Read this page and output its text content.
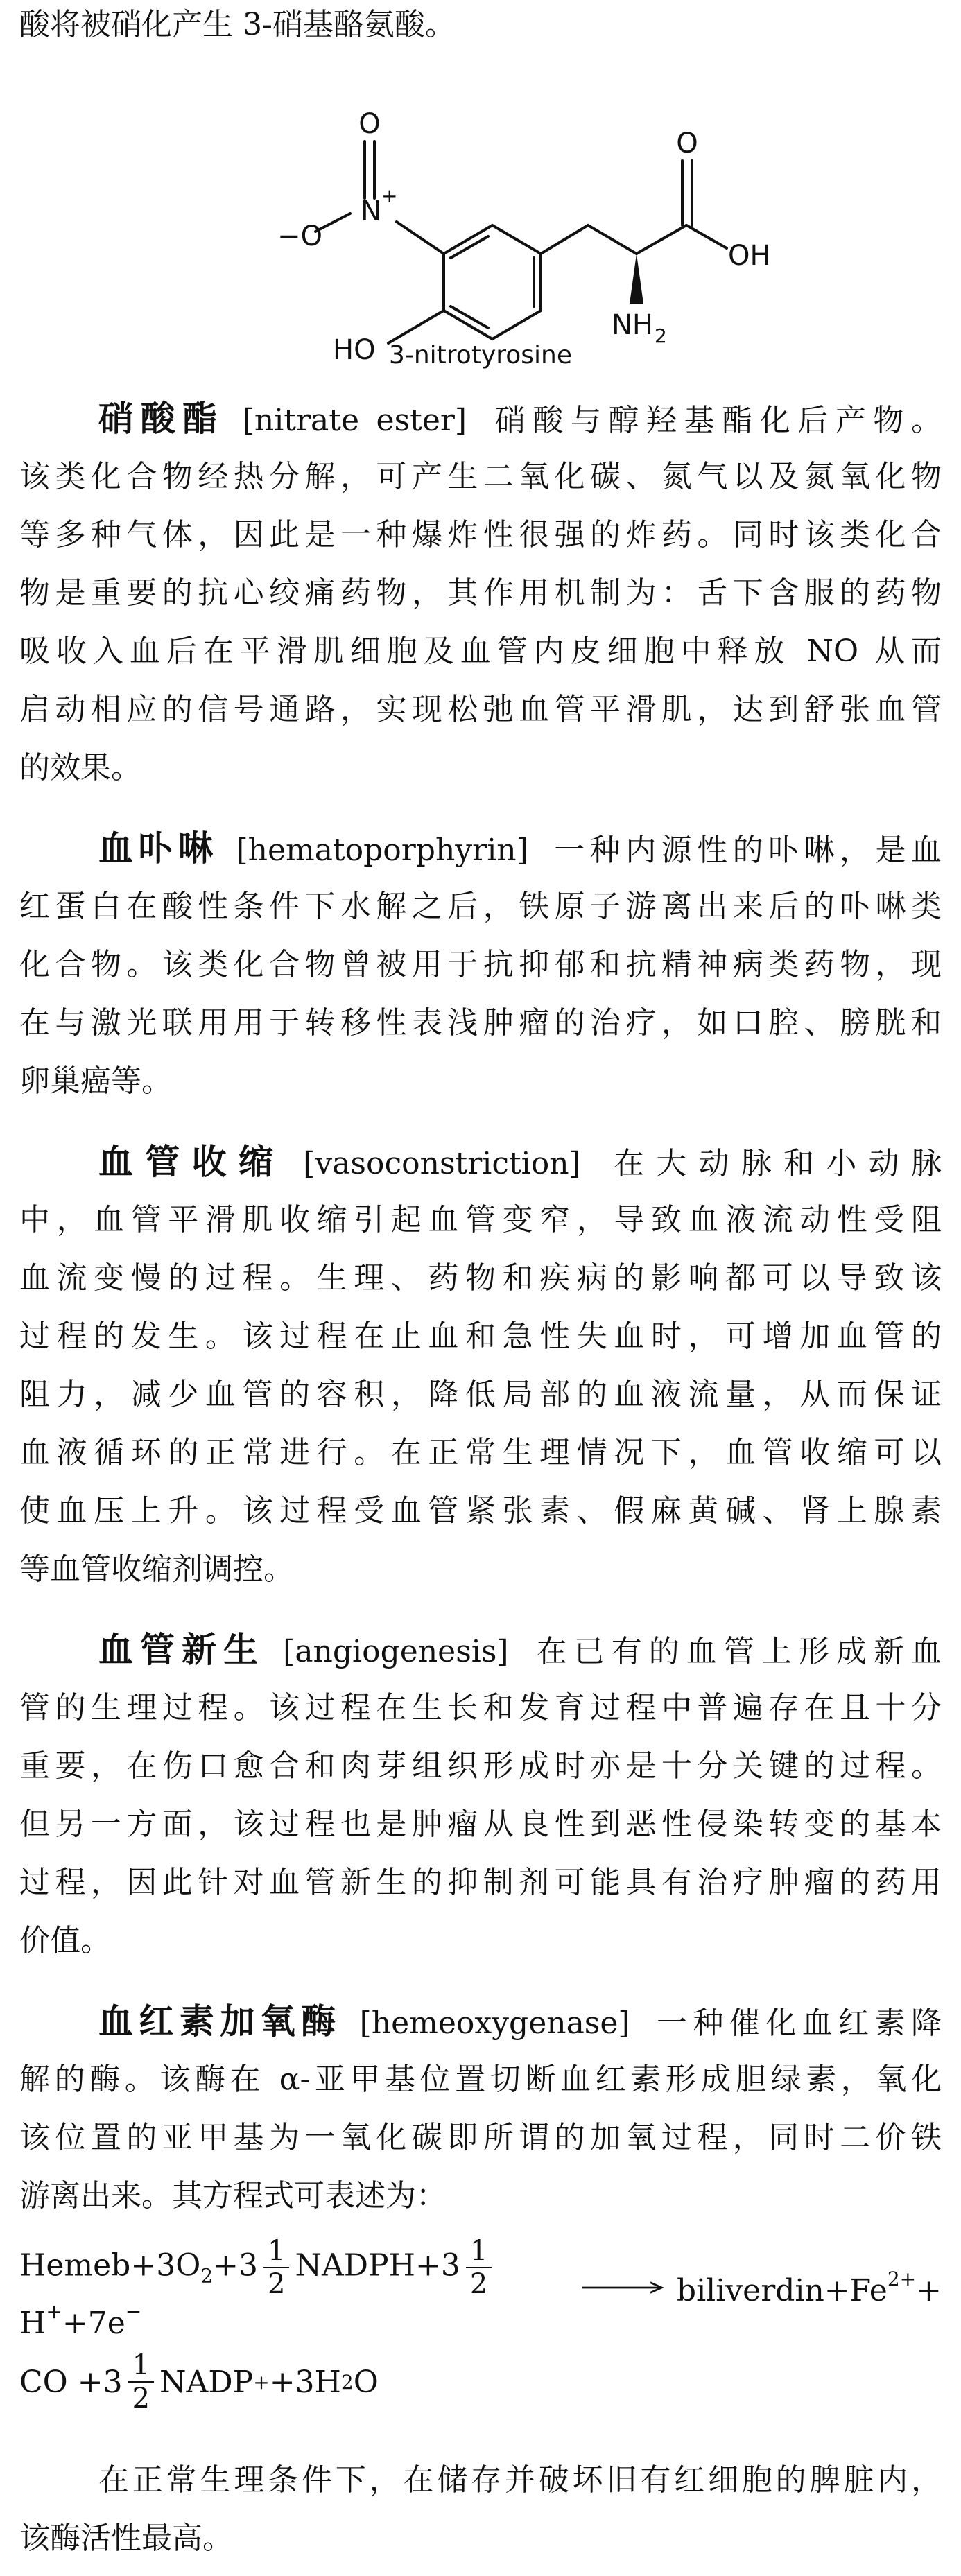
酸将被硝化产生 3-硝基酪氨酸。
O
−O
N +
O
OH
HO
NH 2
3-nitrotyrosine
硝酸酯 [nitrate ester] 硝酸与醇羟基酯化后产物。
该类化合物经热分解，可产生二氧化碳、氮气以及氮氧化物
等多种气体，因此是一种爆炸性很强的炸药。同时该类化合
物是重要的抗心绞痛药物，其作用机制为：舌下含服的药物
吸收入血后在平滑肌细胞及血管内皮细胞中释放 NO 从而
启动相应的信号通路，实现松弛血管平滑肌，达到舒张血管
的效果。
血卟啉 [hematoporphyrin] 一种内源性的卟啉，是血
红蛋白在酸性条件下水解之后，铁原子游离出来后的卟啉类
化合物。该类化合物曾被用于抗抑郁和抗精神病类药物，现
在与激光联用用于转移性表浅肿瘤的治疗，如口腔、膀胱和
卵巢癌等。
血管收缩 [vasoconstriction] 在大动脉和小动脉
中，血管平滑肌收缩引起血管变窄，导致血液流动性受阻
血流变慢的过程。生理、药物和疾病的影响都可以导致该
过程的发生。该过程在止血和急性失血时，可增加血管的
阻力，减少血管的容积，降低局部的血液流量，从而保证
血液循环的正常进行。在正常生理情况下，血管收缩可以
使血压上升。该过程受血管紧张素、假麻黄碱、肾上腺素
等血管收缩剂调控。
血管新生 [angiogenesis] 在已有的血管上形成新血
管的生理过程。该过程在生长和发育过程中普遍存在且十分
重要，在伤口愈合和肉芽组织形成时亦是十分关键的过程。
但另一方面，该过程也是肿瘤从良性到恶性侵染转变的基本
过程，因此针对血管新生的抑制剂可能具有治疗肿瘤的药用
价值。
血红素加氧酶 [hemeoxygenase] 一种催化血红素降
解的酶。该酶在 α-亚甲基位置切断血红素形成胆绿素，氧化
该位置的亚甲基为一氧化碳即所谓的加氧过程，同时二价铁
游离出来。其方程式可表述为：
$Hemeb+3O_2+3 \frac{1}{2}$ NADPH+3 $\frac{1}{2}$
H++7e−
→ $biliverdin+Fe^{2+}+$
CO $+3 \frac{1}{2}$ NADP + +3H 2 O
在正常生理条件下，在储存并破坏旧有红细胞的脾脏内，
该酶活性最高。
